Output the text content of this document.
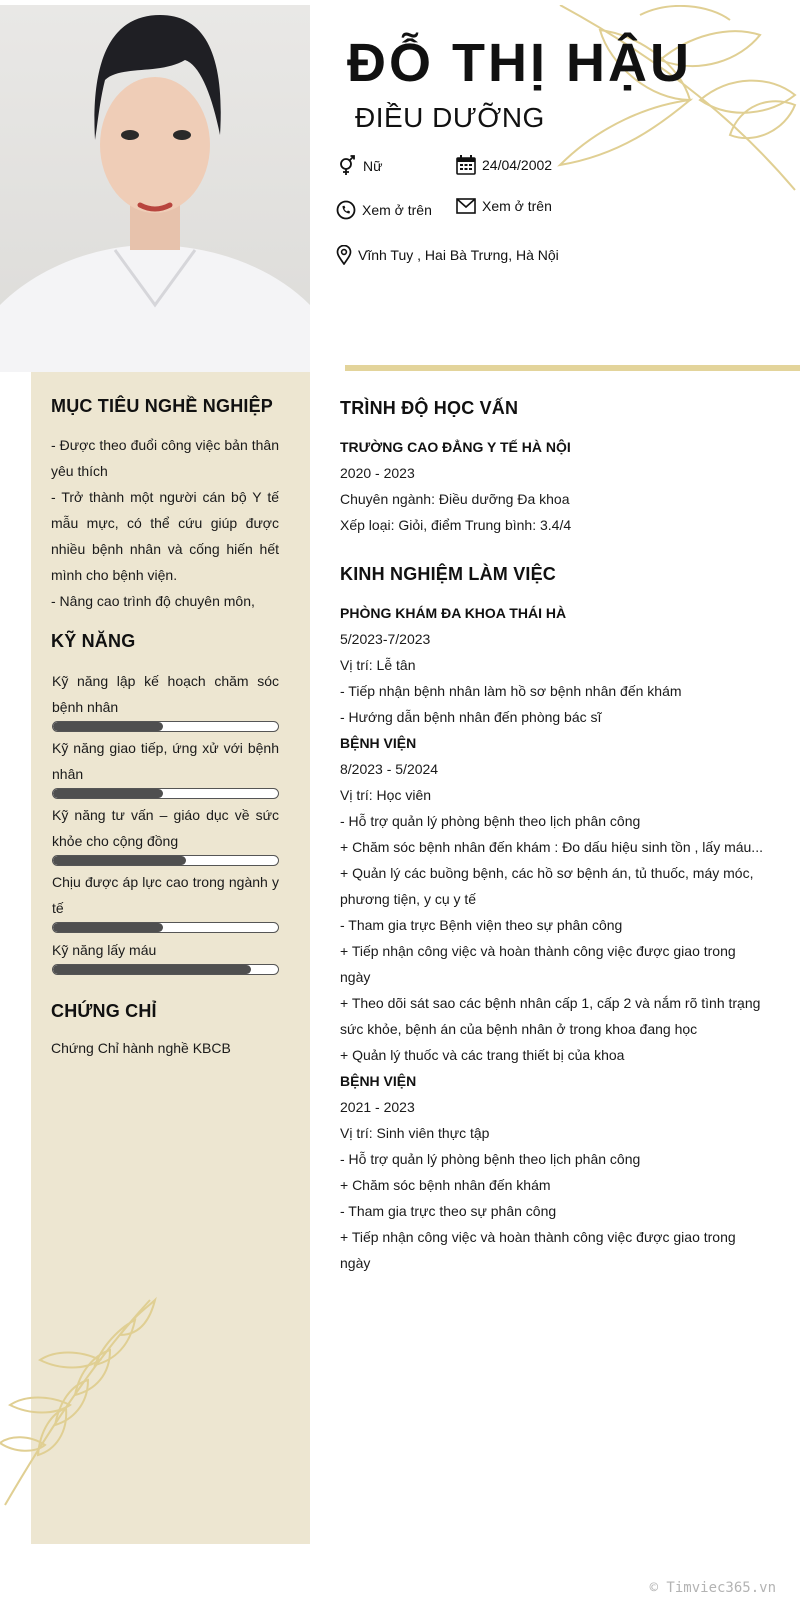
ĐỖ THỊ HẬU
ĐIỀU DƯỠNG
Nữ	24/04/2002
Xem ở trên	Xem ở trên
Vĩnh Tuy , Hai Bà Trưng, Hà Nội
MỤC TIÊU NGHỀ NGHIỆP
- Được theo đuổi công việc bản thân yêu thích
- Trở thành một người cán bộ Y tế mẫu mực, có thể cứu giúp được nhiều bệnh nhân và cống hiến hết mình cho bệnh viện.
- Nâng cao trình độ chuyên môn,
KỸ NĂNG
Kỹ năng lập kế hoạch chăm sóc bệnh nhân
Kỹ năng giao tiếp, ứng xử với bệnh nhân
Kỹ năng tư vấn – giáo dục về sức khỏe cho cộng đồng
Chịu được áp lực cao trong ngành y tế
Kỹ năng lấy máu
CHỨNG CHỈ
Chứng Chỉ hành nghề KBCB
TRÌNH ĐỘ HỌC VẤN
TRƯỜNG CAO ĐẲNG Y TẾ HÀ NỘI
2020 - 2023
Chuyên ngành: Điều dưỡng Đa khoa
Xếp loại: Giỏi, điểm Trung bình: 3.4/4
KINH NGHIỆM LÀM VIỆC
PHÒNG KHÁM ĐA KHOA THÁI HÀ
5/2023-7/2023
Vị trí: Lễ tân
- Tiếp nhận bệnh nhân làm hồ sơ bệnh nhân đến khám
- Hướng dẫn bệnh nhân đến phòng bác sĩ
BỆNH VIỆN
8/2023 - 5/2024
Vị trí: Học viên
- Hỗ trợ quản lý phòng bệnh theo lịch phân công
+ Chăm sóc bệnh nhân đến khám : Đo dấu hiệu sinh tồn , lấy máu...
+ Quản lý các buồng bệnh, các hồ sơ bệnh án, tủ thuốc, máy móc,
phương tiện, y cụ y tế
- Tham gia trực Bệnh viện theo sự phân công
+ Tiếp nhận công việc và hoàn thành công việc được giao trong
ngày
+ Theo dõi sát sao các bệnh nhân cấp 1, cấp 2 và nắm rõ tình trạng
sức khỏe, bệnh án của bệnh nhân ở trong khoa đang học
+ Quản lý thuốc và các trang thiết bị của khoa
BỆNH VIỆN
2021 - 2023
Vị trí: Sinh viên thực tập
- Hỗ trợ quản lý phòng bệnh theo lịch phân công
+ Chăm sóc bệnh nhân đến khám
- Tham gia trực theo sự phân công
+ Tiếp nhận công việc và hoàn thành công việc được giao trong
ngày
© Timviec365.vn
